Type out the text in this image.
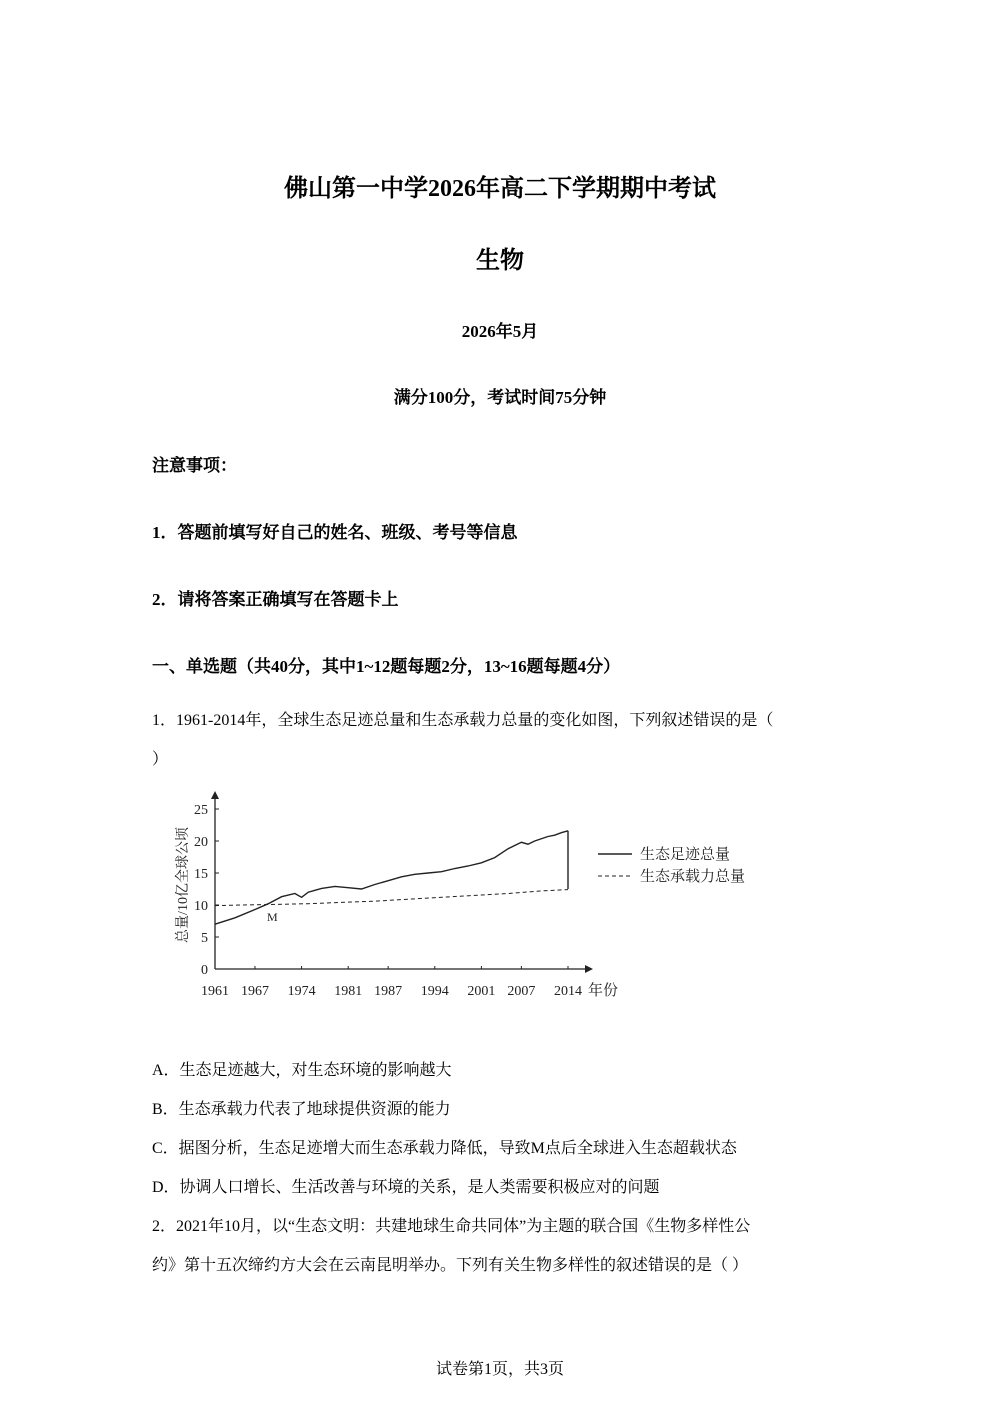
佛山第一中学2026年高二下学期期中考试
生物
2026年5月
满分100分，考试时间75分钟
注意事项：
1．答题前填写好自己的姓名、班级、考号等信息
2．请将答案正确填写在答题卡上
一、单选题（共40分，其中1~12题每题2分，13~16题每题4分）
1．1961-2014年，全球生态足迹总量和生态承载力总量的变化如图，下列叙述错误的是（
）
总量/10亿全球公顷	M
0
5
10
15
20
25
1961 1967 1974 1981 1987 1994 2001 2007 2014 年份
生态足迹总量
生态承载力总量
A．生态足迹越大，对生态环境的影响越大
B．生态承载力代表了地球提供资源的能力
C．据图分析，生态足迹增大而生态承载力降低，导致M点后全球进入生态超载状态
D．协调人口增长、生活改善与环境的关系，是人类需要积极应对的问题
2．2021年10月，以“生态文明：共建地球生命共同体”为主题的联合国《生物多样性公
约》第十五次缔约方大会在云南昆明举办。下列有关生物多样性的叙述错误的是（ ）
试卷第1页，共3页
